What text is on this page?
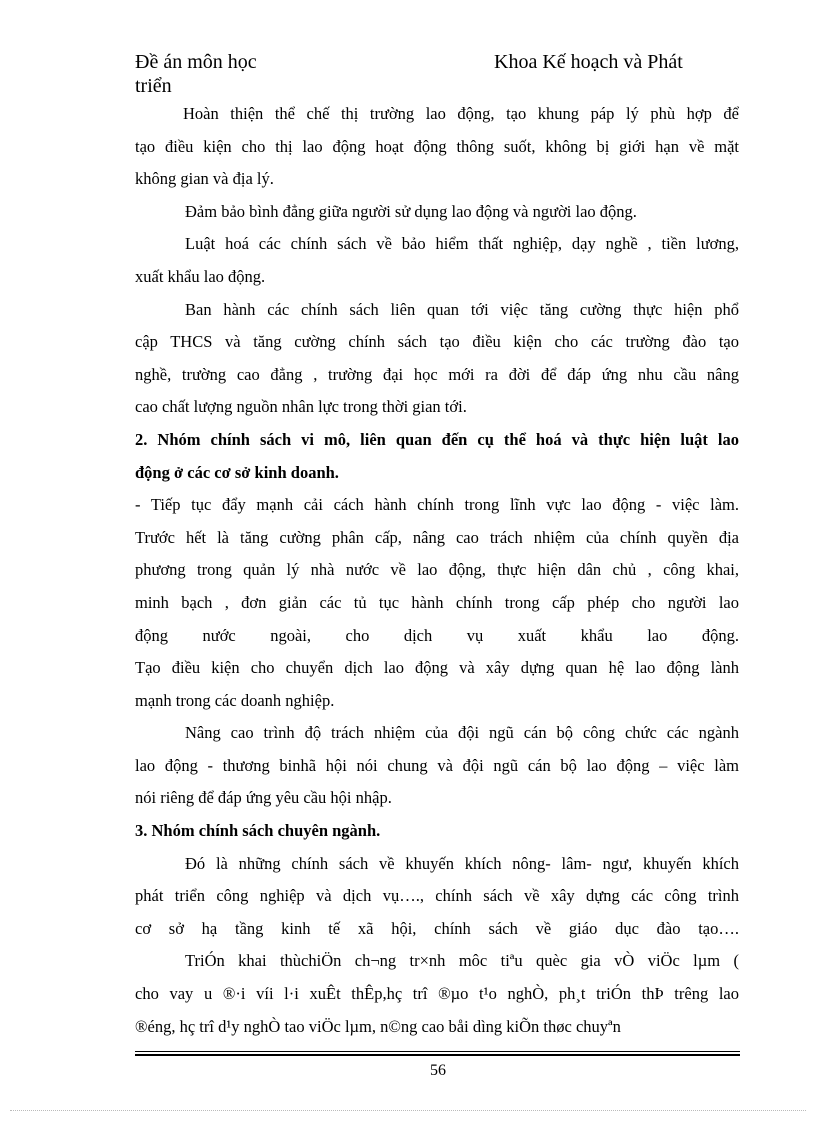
Đề án môn học
triển
Khoa Kế hoạch và Phát

Hoàn thiện thể chế thị trường lao động, tạo khung páp lý phù hợp để

tạo điều kiện cho thị lao động hoạt động thông suốt, không bị giới hạn về mặt

không gian và địa lý.

Đảm bảo bình đẳng giữa người sử dụng lao động và người lao động.

Luật hoá các chính sách về bảo hiểm thất nghiệp, dạy nghề , tiền lương,

xuất khẩu lao động.

Ban hành các chính sách liên quan tới việc tăng cường thực hiện phổ

cập THCS và tăng cường chính sách tạo điều kiện cho các trường đào tạo

nghề, trường cao đẳng , trường đại học mới ra đời để đáp ứng nhu cầu nâng

cao chất lượng nguồn nhân lực trong thời gian tới.

2. Nhóm chính sách vi mô, liên quan đến cụ thể hoá và thực hiện luật lao

động ở các cơ sở kinh doanh.

- Tiếp tục đẩy mạnh cải cách hành chính trong lĩnh vực lao động - việc làm.

Trước hết là tăng cường phân cấp, nâng cao trách nhiệm của chính quyền địa

phương trong quản lý nhà nước về lao động, thực hiện dân chủ , công khai,

minh bạch , đơn giản các tủ tục hành chính trong cấp phép cho người lao

động nước ngoài, cho dịch vụ xuất khẩu lao động.

Tạo điều kiện cho chuyển dịch lao động và xây dựng quan hệ lao động lành

mạnh trong các doanh nghiệp.

Nâng cao trình độ trách nhiệm của đội ngũ cán bộ công chức các ngành

lao động - thương binhã hội nói chung và đội ngũ cán bộ lao động – việc làm

nói riêng để đáp ứng yêu cầu hội nhập.

3. Nhóm chính sách chuyên ngành.

Đó là những chính sách về khuyến khích nông- lâm- ngư, khuyến khích

phát triển công nghiệp và dịch vụ…., chính sách về xây dựng các công trình

cơ sở hạ tầng kinh tế xã hội, chính sách về giáo dục đào tạo….

TriÓn khai thùchiÖn ch¬ng tr×nh môc tiªu quèc gia vÒ viÖc lµm (

cho vay u ®·i víi l·i xuÊt thÊp,hç trî ®µo t¹o nghÒ, ph¸t triÓn thÞ trêng lao

®éng, hç trî d¹y nghÒ tao viÖc lµm, n©ng cao båi dìng kiÕn thøc chuyªn

56
